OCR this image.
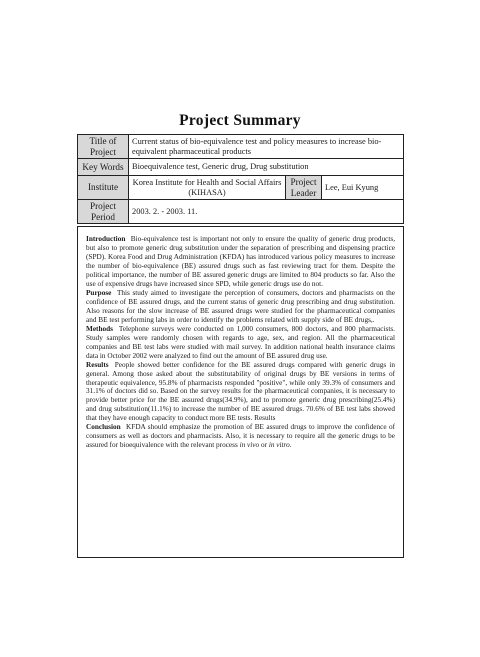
Project Summary
Title of Project	Current status of bio-equivalence test and policy measures to increase bio-equivalent pharmaceutical products		
Key Words	Bioequivalence test, Generic drug, Drug substitution		
Institute	Korea Institute for Health and Social Affairs (KIHASA)	Project Leader	Lee, Eui Kyung
Project Period	2003. 2. - 2003. 11.		

Introduction Bio-equivalence test is important not only to ensure the quality of generic drug products, but also to promote generic drug substitution under the separation of prescribing and dispensing practice (SPD). Korea Food and Drug Administration (KFDA) has introduced various policy measures to increase the number of bio-equivalence (BE) assured drugs such as fast reviewing tract for them. Despite the political importance, the number of BE assured generic drugs are limited to 804 products so far. Also the use of expensive drugs have increased since SPD, while generic drugs use do not.

Purpose This study aimed to investigate the perception of consumers, doctors and pharmacists on the confidence of BE assured drugs, and the current status of generic drug prescribing and drug substitution. Also reasons for the slow increase of BE assured drugs were studied for the pharmaceutical companies and BE test performing labs in order to identify the problems related with supply side of BE drugs,.

Methods Telephone surveys were conducted on 1,000 consumers, 800 doctors, and 800 pharmacists. Study samples were randomly chosen with regards to age, sex, and region. All the pharmaceutical companies and BE test labs were studied with mail survey. In addition national health insurance claims data in October 2002 were analyzed to find out the amount of BE assured drug use.

Results People showed better confidence for the BE assured drugs compared with generic drugs in general. Among those asked about the substitutability of original drugs by BE versions in terms of therapeutic equivalence, 95.8% of pharmacists responded "positive", while only 39.3% of consumers and 31.1% of doctors did so. Based on the survey results for the pharmaceutical companies, it is necessary to provide better price for the BE assured drugs(34.9%), and to promote generic drug prescribing(25.4%) and drug substitution(11.1%) to increase the number of BE assured drugs. 70.6% of BE test labs showed that they have enough capacity to conduct more BE tests. Results

Conclusion KFDA should emphasize the promotion of BE assured drugs to improve the confidence of consumers as well as doctors and pharmacists. Also, it is necessary to require all the generic drugs to be assured for bioequivalence with the relevant process in vivo or in vitro.
